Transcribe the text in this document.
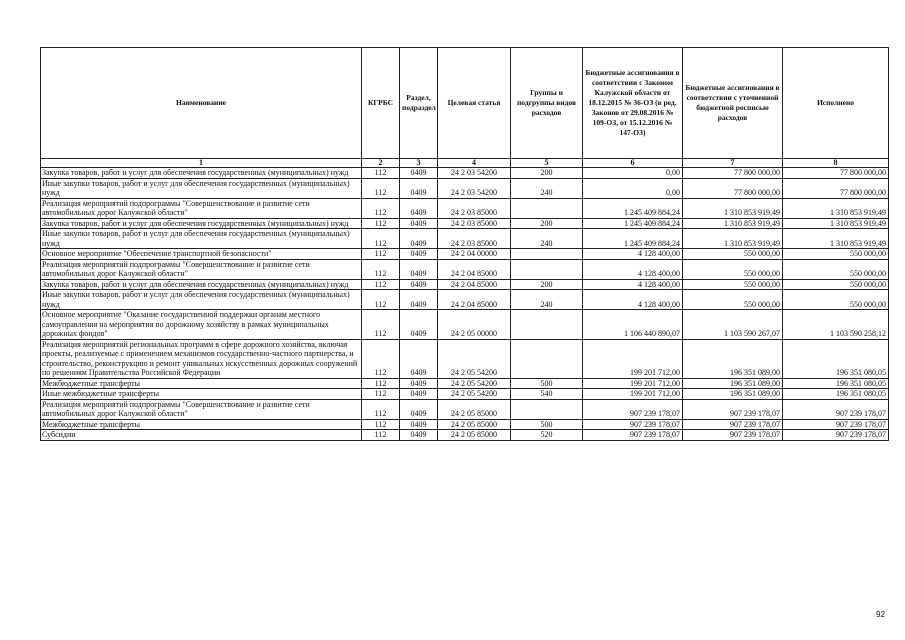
Наименование	КГРБС	Раздел, подраздел	Целевая статья	Группы и подгруппы видов расходов	Бюджетные ассигнования в соответствии с Законом Калужской области от 18.12.2015 № 36-ОЗ (в ред. Законов от 29.08.2016 № 109-ОЗ, от 15.12.2016 № 147-ОЗ)	Бюджетные ассигнования в соответствии с уточненной бюджетной росписью расходов	Исполнено
1	2	3	4	5	6	7	8
Закупка товаров, работ и услуг для обеспечения государственных (муниципальных) нужд	112	0409	24 2 03 54200	200	0,00	77 800 000,00	77 800 000,00
Иные закупки товаров, работ и услуг для обеспечения государственных (муниципальных) нужд	112	0409	24 2 03 54200	240	0,00	77 800 000,00	77 800 000,00
Реализация мероприятий подпрограммы "Совершенствование и развитие сети автомобильных дорог Калужской области"	112	0409	24 2 03 85000		1 245 409 884,24	1 310 853 919,49	1 310 853 919,49
Закупка товаров, работ и услуг для обеспечения государственных (муниципальных) нужд	112	0409	24 2 03 85000	200	1 245 409 884,24	1 310 853 919,49	1 310 853 919,49
Иные закупки товаров, работ и услуг для обеспечения государственных (муниципальных) нужд	112	0409	24 2 03 85000	240	1 245 409 884,24	1 310 853 919,49	1 310 853 919,49
Основное мероприятие "Обеспечение транспортной безопасности"	112	0409	24 2 04 00000		4 128 400,00	550 000,00	550 000,00
Реализация мероприятий подпрограммы "Совершенствование и развитие сети автомобильных дорог Калужской области"	112	0409	24 2 04 85000		4 128 400,00	550 000,00	550 000,00
Закупка товаров, работ и услуг для обеспечения государственных (муниципальных) нужд	112	0409	24 2 04 85000	200	4 128 400,00	550 000,00	550 000,00
Иные закупки товаров, работ и услуг для обеспечения государственных (муниципальных) нужд	112	0409	24 2 04 85000	240	4 128 400,00	550 000,00	550 000,00
Основное мероприятие "Оказание государственной поддержки органам местного самоуправления на мероприятия по дорожному хозяйству в рамках муниципальных дорожных фондов"	112	0409	24 2 05 00000		1 106 440 890,07	1 103 590 267,07	1 103 590 258,12
Реализация мероприятий региональных программ в сфере дорожного хозяйства, включая проекты, реализуемые с применением механизмов государственно-частного партнерства, и строительство, реконструкцию и ремонт уникальных искусственных дорожных сооружений по решениям Правительства Российской Федерации	112	0409	24 2 05 54200		199 201 712,00	196 351 089,00	196 351 080,05
Межбюджетные трансферты	112	0409	24 2 05 54200	500	199 201 712,00	196 351 089,00	196 351 080,05
Иные межбюджетные трансферты	112	0409	24 2 05 54200	540	199 201 712,00	196 351 089,00	196 351 080,05
Реализация мероприятий подпрограммы "Совершенствование и развитие сети автомобильных дорог Калужской области"	112	0409	24 2 05 85000		907 239 178,07	907 239 178,07	907 239 178,07
Межбюджетные трансферты	112	0409	24 2 05 85000	500	907 239 178,07	907 239 178,07	907 239 178,07
Субсидии	112	0409	24 2 05 85000	520	907 239 178,07	907 239 178,07	907 239 178,07
92
